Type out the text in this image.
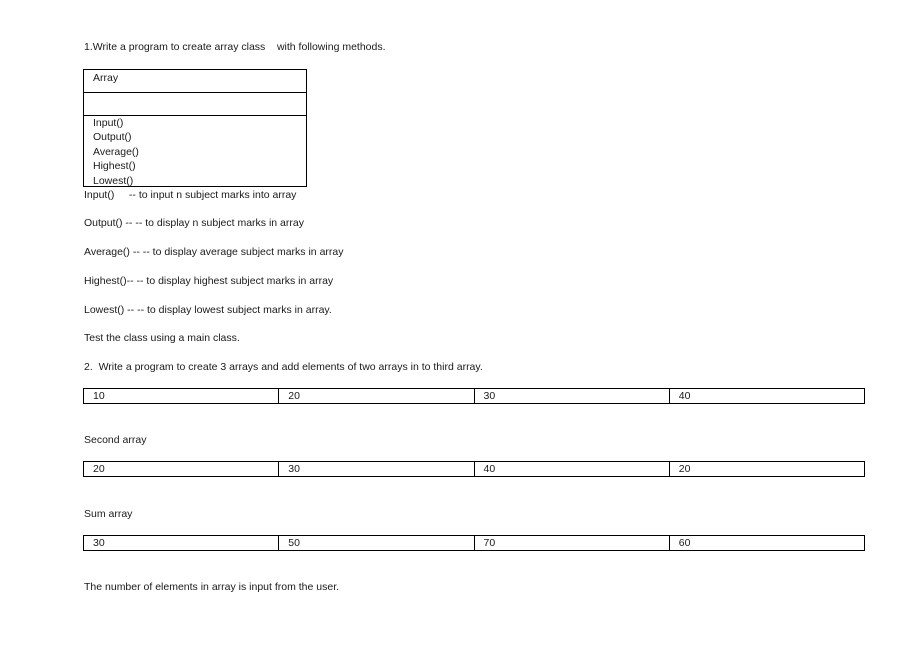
1.Write a program to create array class    with following methods.
Array
Input()
Output()
Average()
Highest()
Lowest()
Input()     -- to input n subject marks into array
Output() -- -- to display n subject marks in array
Average() -- -- to display average subject marks in array
Highest()-- -- to display highest subject marks in array
Lowest() -- -- to display lowest subject marks in array.
Test the class using a main class.
2.  Write a program to create 3 arrays and add elements of two arrays in to third array.
10	20	30	40
Second array
20	30	40	20
Sum array
30	50	70	60
The number of elements in array is input from the user.
